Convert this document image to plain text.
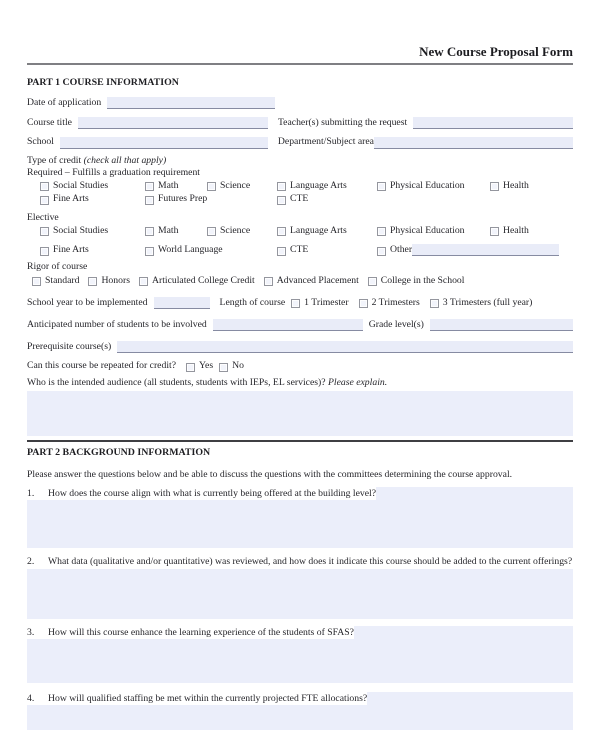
New Course Proposal Form
PART 1 COURSE INFORMATION
Date of application
Course title	Teacher(s) submitting the request
School	Department/Subject area
Type of credit (check all that apply)
Required – Fulfills a graduation requirement
Social Studies	Math	Science	Language Arts	Physical Education	Health
Fine Arts	Futures Prep	CTE
Elective
Social Studies	Math	Science	Language Arts	Physical Education	Health
Fine Arts	World Language	CTE	Other
Rigor of course
Standard Honors Articulated College Credit Advanced Placement College in the School
School year to be implemented	Length of course 1 Trimester 2 Trimesters 3 Trimesters (full year)
Anticipated number of students to be involved	Grade level(s)
Prerequisite course(s)
Can this course be repeated for credit? Yes No
Who is the intended audience (all students, students with IEPs, EL services)? Please explain.
PART 2 BACKGROUND INFORMATION
Please answer the questions below and be able to discuss the questions with the committees determining the course approval.
1.	How does the course align with what is currently being offered at the building level?
2.	What data (qualitative and/or quantitative) was reviewed, and how does it indicate this course should be added to the current offerings?
3.	How will this course enhance the learning experience of the students of SFAS?
4.	How will qualified staffing be met within the currently projected FTE allocations?
